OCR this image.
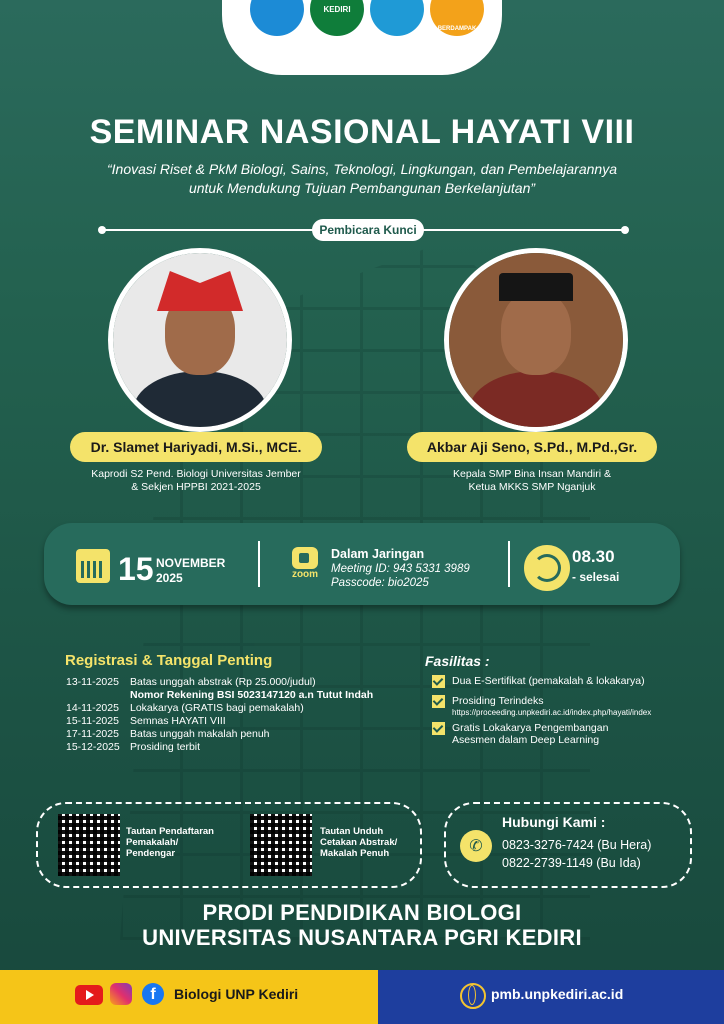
KEDIRI
BERDAMPAK
SEMINAR NASIONAL HAYATI VIII
“Inovasi Riset & PkM Biologi, Sains, Teknologi, Lingkungan, dan Pembelajarannya
untuk Mendukung Tujuan Pembangunan Berkelanjutan”
Pembicara Kunci
Dr. Slamet Hariyadi, M.Si., MCE.
Kaprodi S2 Pend. Biologi Universitas Jember
& Sekjen HPPBI 2021-2025
Akbar Aji Seno, S.Pd., M.Pd.,Gr.
Kepala SMP Bina Insan Mandiri &
Ketua MKKS SMP Nganjuk
15 NOVEMBER
2025	zoom
Dalam Jaringan
Meeting ID: 943 5331 3989
Passcode: bio2025
08.30
- selesai
Registrasi & Tanggal Penting
13-11-2025	Batas unggah abstrak (Rp 25.000/judul)
Nomor Rekening BSI 5023147120 a.n Tutut Indah
14-11-2025	Lokakarya (GRATIS bagi pemakalah)
15-11-2025	Semnas HAYATI VIII
17-11-2025	Batas unggah makalah penuh
15-12-2025 Prosiding terbit
Fasilitas :
Dua E-Sertifikat (pemakalah & lokakarya)
Prosiding Terindeks
https://proceeding.unpkediri.ac.id/index.php/hayati/index
Gratis Lokakarya Pengembangan
Asesmen dalam Deep Learning
Tautan Pendaftaran
Pemakalah/
Pendengar
Tautan Unduh
Cetakan Abstrak/
Makalah Penuh	✆
Hubungi Kami :
0823-3276-7424 (Bu Hera)
0822-2739-1149 (Bu Ida)
PRODI PENDIDIKAN BIOLOGI
UNIVERSITAS NUSANTARA PGRI KEDIRI
f	Biologi UNP Kediri	pmb.unpkediri.ac.id
